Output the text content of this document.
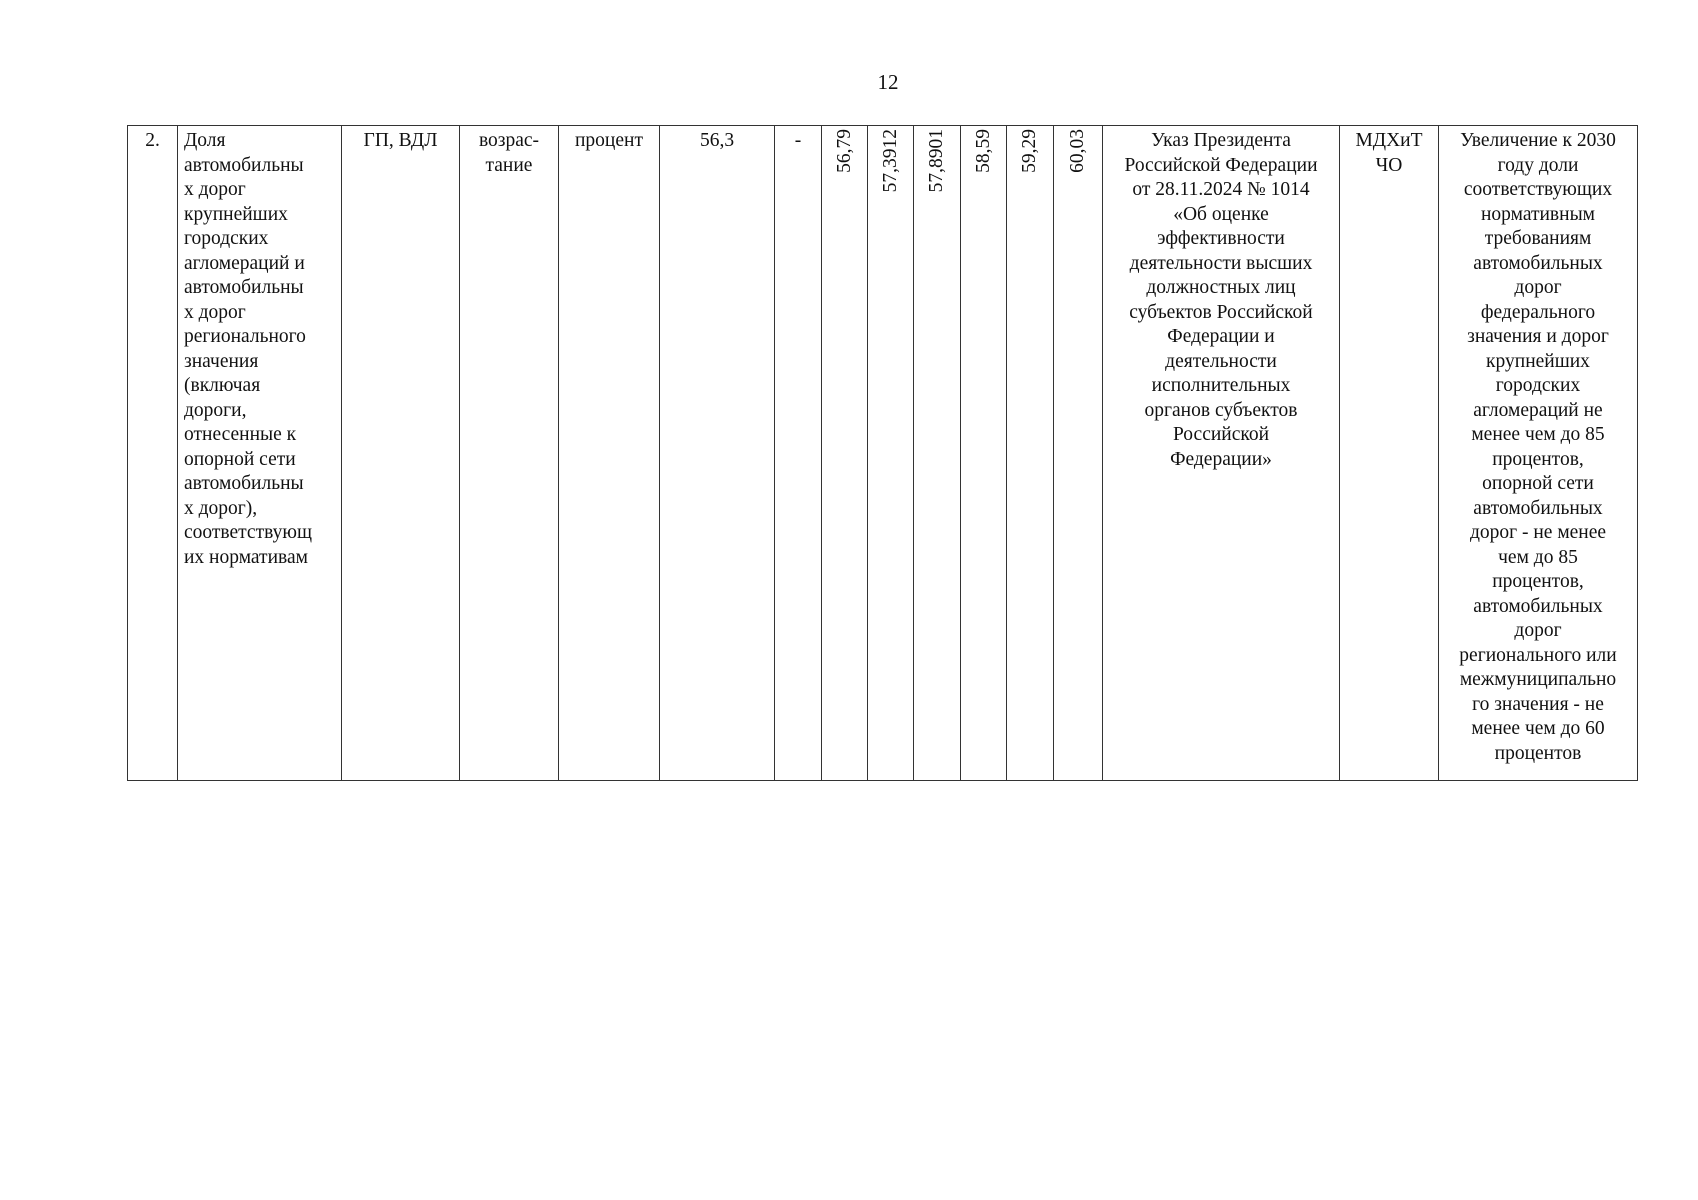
12
2.	Доля
автомобильны
х дорог
крупнейших
городских
агломераций и
автомобильны
х дорог
регионального
значения
(включая
дороги,
отнесенные к
опорной сети
автомобильны
х дорог),
соответствующ
их нормативам	ГП, ВДЛ	возрас-
тание	процент	56,3	-	56,79	57,3912	57,8901	58,59	59,29	60,03	Указ Президента
Российской Федерации
от 28.11.2024 № 1014
«Об оценке
эффективности
деятельности высших
должностных лиц
субъектов Российской
Федерации и
деятельности
исполнительных
органов субъектов
Российской
Федерации»	МДХиТ
ЧО	Увеличение к 2030
году доли
соответствующих
нормативным
требованиям
автомобильных
дорог
федерального
значения и дорог
крупнейших
городских
агломераций не
менее чем до 85
процентов,
опорной сети
автомобильных
дорог - не менее
чем до 85
процентов,
автомобильных
дорог
регионального или
межмуниципально
го значения - не
менее чем до 60
процентов
